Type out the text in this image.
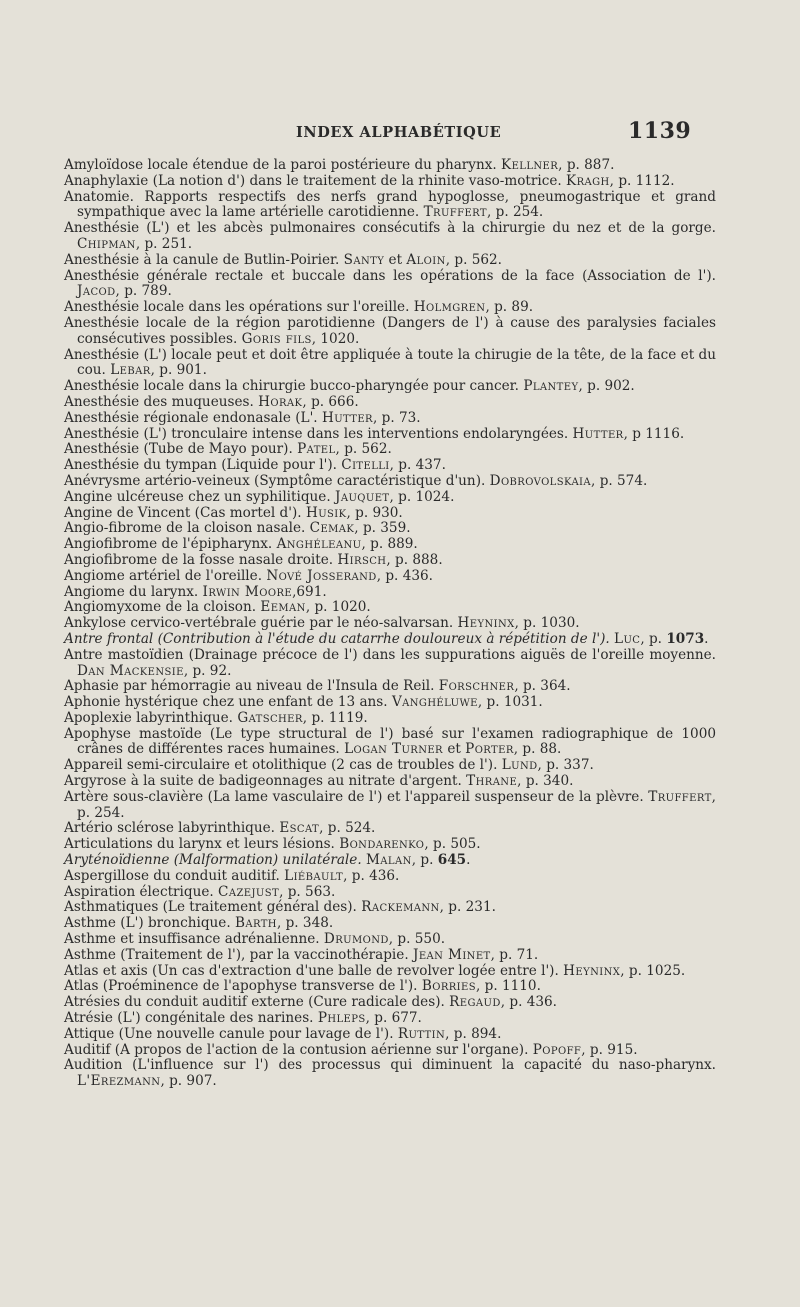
INDEX ALPHABÉTIQUE	1139
Amyloïdose locale étendue de la paroi postérieure du pharynx. Kellner, p. 887.
Anaphylaxie (La notion d') dans le traitement de la rhinite vaso-motrice. Kragh, p. 1112.
Anatomie. Rapports respectifs des nerfs grand hypoglosse, pneumogastrique et grand sympathique avec la lame artérielle carotidienne. Truffert, p. 254.
Anesthésie (L') et les abcès pulmonaires consécutifs à la chirurgie du nez et de la gorge. Chipman, p. 251.
Anesthésie à la canule de Butlin-Poirier. Santy et Aloin, p. 562.
Anesthésie générale rectale et buccale dans les opérations de la face (Association de l'). Jacod, p. 789.
Anesthésie locale dans les opérations sur l'oreille. Holmgren, p. 89.
Anesthésie locale de la région parotidienne (Dangers de l') à cause des paralysies faciales consécutives possibles. Goris fils, 1020.
Anesthésie (L') locale peut et doit être appliquée à toute la chirugie de la tête, de la face et du cou. Lebar, p. 901.
Anesthésie locale dans la chirurgie bucco-pharyngée pour cancer. Plantey, p. 902.
Anesthésie des muqueuses. Horak, p. 666.
Anesthésie régionale endonasale (L'. Hutter, p. 73.
Anesthésie (L') tronculaire intense dans les interventions endolaryngées. Hutter, p 1116.
Anesthésie (Tube de Mayo pour). Patel, p. 562.
Anesthésie du tympan (Liquide pour l'). Citelli, p. 437.
Anévrysme artério-veineux (Symptôme caractéristique d'un). Dobrovolskaia, p. 574.
Angine ulcéreuse chez un syphilitique. Jauquet, p. 1024.
Angine de Vincent (Cas mortel d'). Husik, p. 930.
Angio-fibrome de la cloison nasale. Cemak, p. 359.
Angiofibrome de l'épipharynx. Anghéleanu, p. 889.
Angiofibrome de la fosse nasale droite. Hirsch, p. 888.
Angiome artériel de l'oreille. Nové Josserand, p. 436.
Angiome du larynx. Irwin Moore,691.
Angiomyxome de la cloison. Eeman, p. 1020.
Ankylose cervico-vertébrale guérie par le néo-salvarsan. Heyninx, p. 1030.
Antre frontal (Contribution à l'étude du catarrhe douloureux à répétition de l'). Luc, p. 1073.
Antre mastoïdien (Drainage précoce de l') dans les suppurations aiguës de l'oreille moyenne. Dan Mackensie, p. 92.
Aphasie par hémorragie au niveau de l'Insula de Reil. Forschner, p. 364.
Aphonie hystérique chez une enfant de 13 ans. Vanghéluwe, p. 1031.
Apoplexie labyrinthique. Gatscher, p. 1119.
Apophyse mastoïde (Le type structural de l') basé sur l'examen radiographique de 1000 crânes de différentes races humaines. Logan Turner et Porter, p. 88.
Appareil semi-circulaire et otolithique (2 cas de troubles de l'). Lund, p. 337.
Argyrose à la suite de badigeonnages au nitrate d'argent. Thrane, p. 340.
Artère sous-clavière (La lame vasculaire de l') et l'appareil suspenseur de la plèvre. Truffert, p. 254.
Artério sclérose labyrinthique. Escat, p. 524.
Articulations du larynx et leurs lésions. Bondarenko, p. 505.
Aryténoïdienne (Malformation) unilatérale. Malan, p. 645.
Aspergillose du conduit auditif. Liébault, p. 436.
Aspiration électrique. Cazejust, p. 563.
Asthmatiques (Le traitement général des). Rackemann, p. 231.
Asthme (L') bronchique. Barth, p. 348.
Asthme et insuffisance adrénalienne. Drumond, p. 550.
Asthme (Traitement de l'), par la vaccinothérapie. Jean Minet, p. 71.
Atlas et axis (Un cas d'extraction d'une balle de revolver logée entre l'). Heyninx, p. 1025.
Atlas (Proéminence de l'apophyse transverse de l'). Borries, p. 1110.
Atrésies du conduit auditif externe (Cure radicale des). Regaud, p. 436.
Atrésie (L') congénitale des narines. Phleps, p. 677.
Attique (Une nouvelle canule pour lavage de l'). Ruttin, p. 894.
Auditif (A propos de l'action de la contusion aérienne sur l'organe). Popoff, p. 915.
Audition (L'influence sur l') des processus qui diminuent la capacité du naso-pharynx. L'Erezmann, p. 907.
